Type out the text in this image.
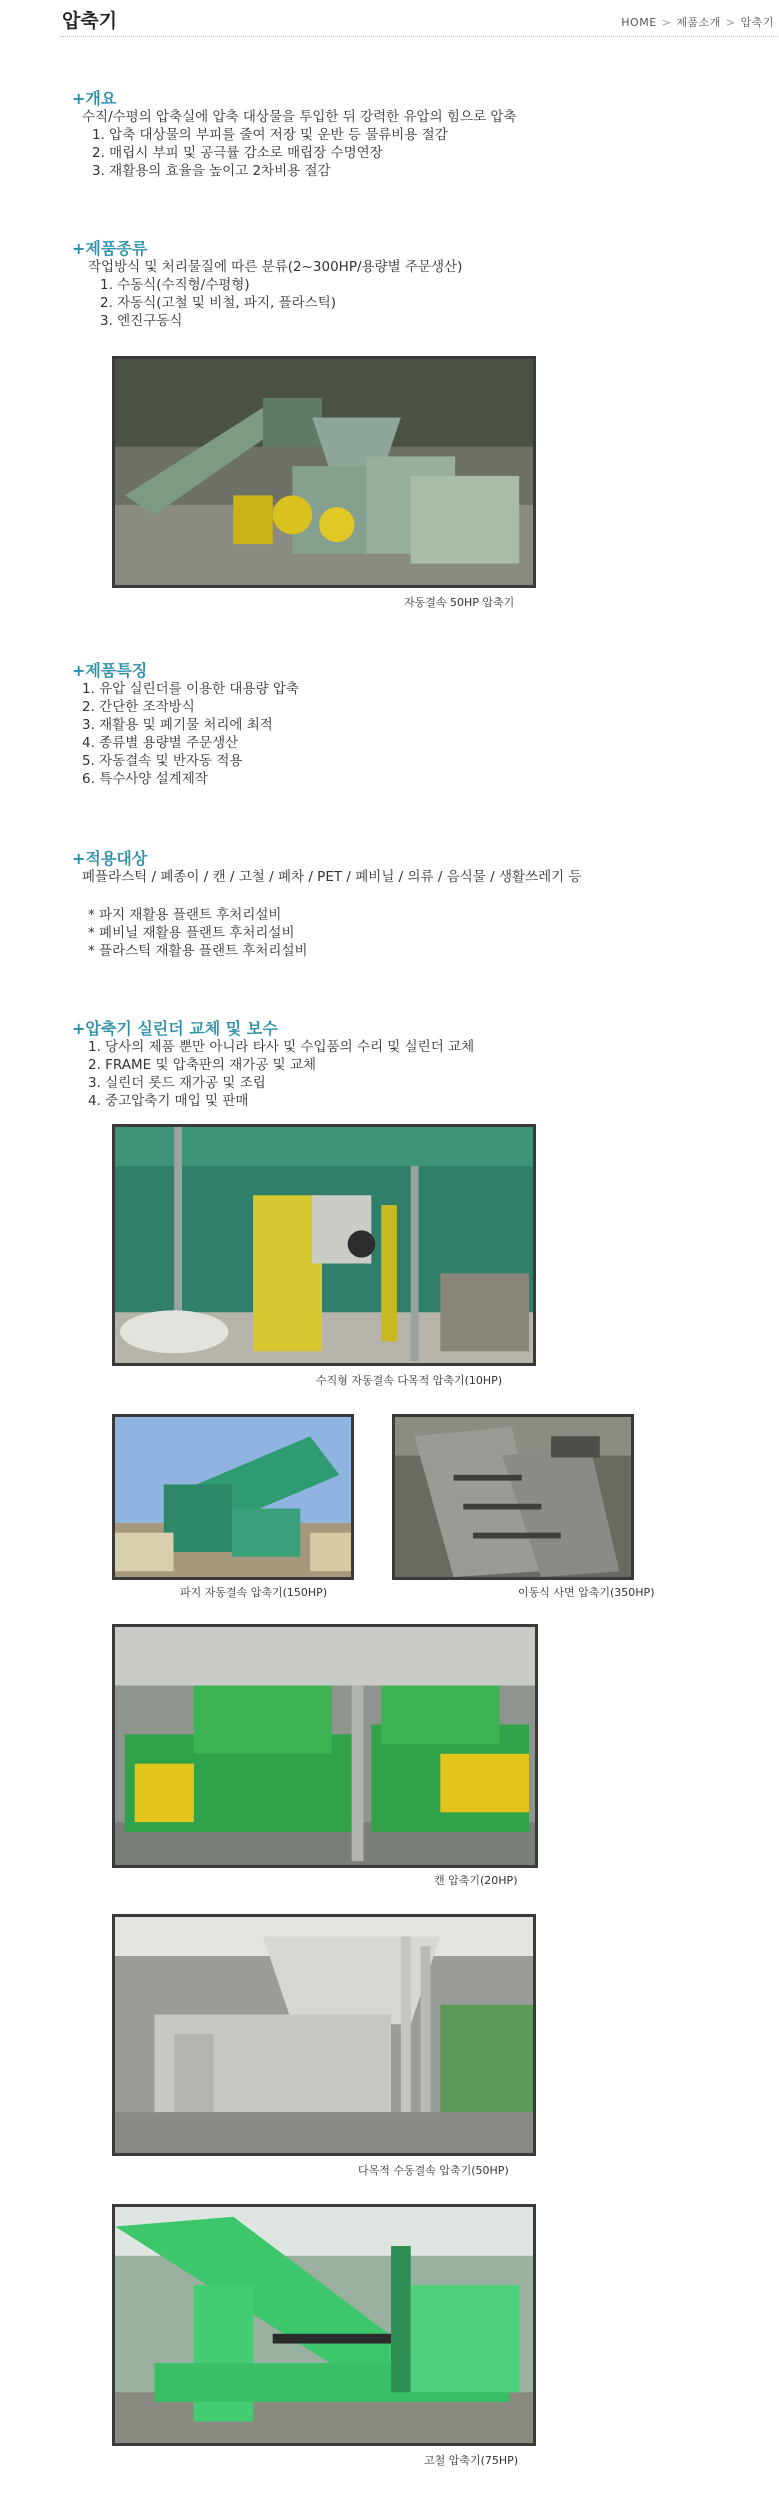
압축기	HOME > 제품소개 > 압축기
+개요
수직/수평의 압축실에 압축 대상물을 투입한 뒤 강력한 유압의 힘으로 압축
1. 압축 대상물의 부피를 줄여 저장 및 운반 등 물류비용 절감
2. 매립시 부피 및 공극률 감소로 매립장 수명연장
3. 재활용의 효율을 높이고 2차비용 절감
+제품종류
작업방식 및 처리물질에 따른 분류(2~300HP/용량별 주문생산)
1. 수동식(수직형/수평형)
2. 자동식(고철 및 비철, 파지, 플라스틱)
3. 엔진구동식
자동결속 50HP 압축기
+제품특징
1. 유압 실린더를 이용한 대용량 압축
2. 간단한 조작방식
3. 재활용 및 폐기물 처리에 최적
4. 종류별 용량별 주문생산
5. 자동결속 및 반자동 적용
6. 특수사양 설계제작
+적용대상
폐플라스틱 / 폐종이 / 캔 / 고철 / 폐차 / PET / 폐비닐 / 의류 / 음식물 / 생활쓰레기 등
* 파지 재활용 플랜트 후처리설비
* 폐비닐 재활용 플랜트 후처리설비
* 플라스틱 재활용 플랜트 후처리설비
+압축기 실린더 교체 및 보수
1. 당사의 제품 뿐만 아니라 타사 및 수입품의 수리 및 실린더 교체
2. FRAME 및 압축판의 재가공 및 교체
3. 실린더 롯드 재가공 및 조립
4. 중고압축기 매입 및 판매
수직형 자동결속 다목적 압축기(10HP)
파지 자동결속 압축기(150HP)	이동식 사면 압축기(350HP)
캔 압축기(20HP)
다목적 수동결속 압축기(50HP)
고철 압축기(75HP)
